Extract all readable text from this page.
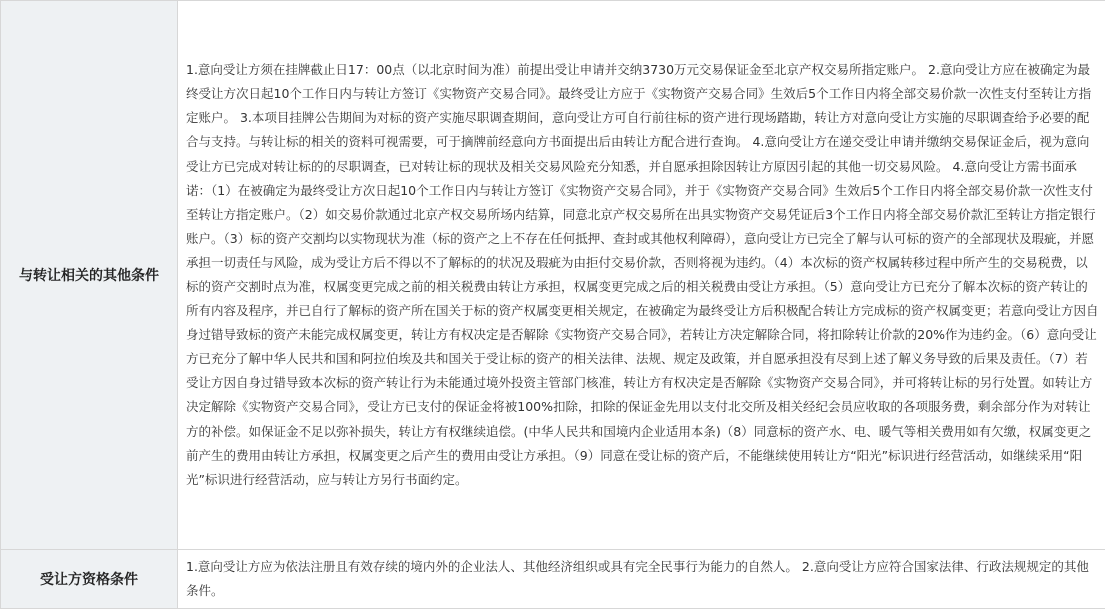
与转让相关的其他条件	1.意向受让方须在挂牌截止日17：00点（以北京时间为准）前提出受让申请并交纳3730万元交易保证金至北京产权交易所指定账户。 2.意向受让方应在被确定为最终受让方次日起10个工作日内与转让方签订《实物资产交易合同》。最终受让方应于《实物资产交易合同》生效后5个工作日内将全部交易价款一次性支付至转让方指定账户。 3.本项目挂牌公告期间为对标的资产实施尽职调查期间，意向受让方可自行前往标的资产进行现场踏勘，转让方对意向受让方实施的尽职调查给予必要的配合与支持。与转让标的相关的资料可视需要，可于摘牌前经意向方书面提出后由转让方配合进行查询。 4.意向受让方在递交受让申请并缴纳交易保证金后，视为意向受让方已完成对转让标的的尽职调查，已对转让标的现状及相关交易风险充分知悉，并自愿承担除因转让方原因引起的其他一切交易风险。 4.意向受让方需书面承诺：（1）在被确定为最终受让方次日起10个工作日内与转让方签订《实物资产交易合同》，并于《实物资产交易合同》生效后5个工作日内将全部交易价款一次性支付至转让方指定账户。（2）如交易价款通过北京产权交易所场内结算，同意北京产权交易所在出具实物资产交易凭证后3个工作日内将全部交易价款汇至转让方指定银行账户。（3）标的资产交割均以实物现状为准（标的资产之上不存在任何抵押、查封或其他权利障碍），意向受让方已完全了解与认可标的资产的全部现状及瑕疵，并愿承担一切责任与风险，成为受让方后不得以不了解标的的状况及瑕疵为由拒付交易价款，否则将视为违约。（4）本次标的资产权属转移过程中所产生的交易税费，以标的资产交割时点为准，权属变更完成之前的相关税费由转让方承担，权属变更完成之后的相关税费由受让方承担。（5）意向受让方已充分了解本次标的资产转让的所有内容及程序，并已自行了解标的资产所在国关于标的资产权属变更相关规定，在被确定为最终受让方后积极配合转让方完成标的资产权属变更；若意向受让方因自身过错导致标的资产未能完成权属变更，转让方有权决定是否解除《实物资产交易合同》，若转让方决定解除合同，将扣除转让价款的20%作为违约金。（6）意向受让方已充分了解中华人民共和国和阿拉伯埃及共和国关于受让标的资产的相关法律、法规、规定及政策，并自愿承担没有尽到上述了解义务导致的后果及责任。（7）若受让方因自身过错导致本次标的资产转让行为未能通过境外投资主管部门核准，转让方有权决定是否解除《实物资产交易合同》，并可将转让标的另行处置。如转让方决定解除《实物资产交易合同》，受让方已支付的保证金将被100%扣除，扣除的保证金先用以支付北交所及相关经纪会员应收取的各项服务费，剩余部分作为对转让方的补偿。如保证金不足以弥补损失，转让方有权继续追偿。(中华人民共和国境内企业适用本条)（8）同意标的资产水、电、暖气等相关费用如有欠缴，权属变更之前产生的费用由转让方承担，权属变更之后产生的费用由受让方承担。（9）同意在受让标的资产后，不能继续使用转让方“阳光”标识进行经营活动，如继续采用“阳光”标识进行经营活动，应与转让方另行书面约定。
受让方资格条件	1.意向受让方应为依法注册且有效存续的境内外的企业法人、其他经济组织或具有完全民事行为能力的自然人。 2.意向受让方应符合国家法律、行政法规规定的其他条件。
